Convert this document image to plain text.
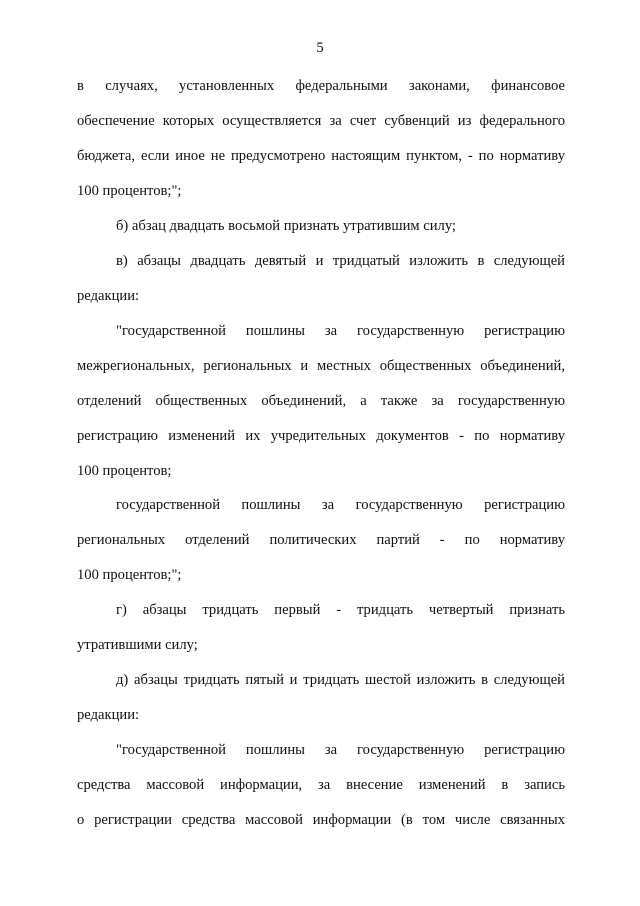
5
в случаях, установленных федеральными законами, финансовое
обеспечение которых осуществляется за счет субвенций из федерального
бюджета, если иное не предусмотрено настоящим пунктом, - по нормативу
100 процентов;";
б) абзац двадцать восьмой признать утратившим силу;
в) абзацы двадцать девятый и тридцатый изложить в следующей
редакции:
"государственной пошлины за государственную регистрацию
межрегиональных, региональных и местных общественных объединений,
отделений общественных объединений, а также за государственную
регистрацию изменений их учредительных документов - по нормативу
100 процентов;
государственной пошлины за государственную регистрацию
региональных отделений политических партий - по нормативу
100 процентов;";
г) абзацы тридцать первый - тридцать четвертый признать
утратившими силу;
д) абзацы тридцать пятый и тридцать шестой изложить в следующей
редакции:
"государственной пошлины за государственную регистрацию
средства массовой информации, за внесение изменений в запись
о регистрации средства массовой информации (в том числе связанных
